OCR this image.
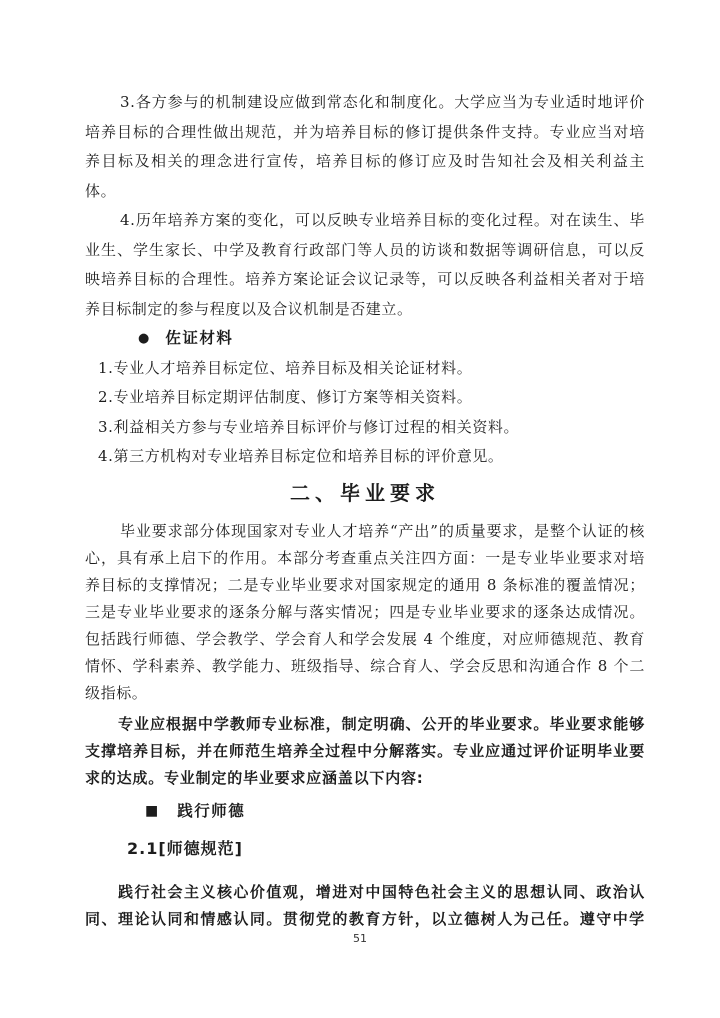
3.各方参与的机制建设应做到常态化和制度化。大学应当为专业适时地评价培养目标的合理性做出规范，并为培养目标的修订提供条件支持。专业应当对培养目标及相关的理念进行宣传，培养目标的修订应及时告知社会及相关利益主体。

4.历年培养方案的变化，可以反映专业培养目标的变化过程。对在读生、毕业生、学生家长、中学及教育行政部门等人员的访谈和数据等调研信息，可以反映培养目标的合理性。培养方案论证会议记录等，可以反映各利益相关者对于培养目标制定的参与程度以及合议机制是否建立。

● 佐证材料

1.专业人才培养目标定位、培养目标及相关论证材料。

2.专业培养目标定期评估制度、修订方案等相关资料。

3.利益相关方参与专业培养目标评价与修订过程的相关资料。

4.第三方机构对专业培养目标定位和培养目标的评价意见。

二、毕业要求

毕业要求部分体现国家对专业人才培养“产出”的质量要求，是整个认证的核心，具有承上启下的作用。本部分考查重点关注四方面：一是专业毕业要求对培养目标的支撑情况；二是专业毕业要求对国家规定的通用 8 条标准的覆盖情况；三是专业毕业要求的逐条分解与落实情况；四是专业毕业要求的逐条达成情况。包括践行师德、学会教学、学会育人和学会发展 4 个维度，对应师德规范、教育情怀、学科素养、教学能力、班级指导、综合育人、学会反思和沟通合作 8 个二级指标。

专业应根据中学教师专业标准，制定明确、公开的毕业要求。毕业要求能够支撑培养目标，并在师范生培养全过程中分解落实。专业应通过评价证明毕业要求的达成。专业制定的毕业要求应涵盖以下内容:

■ 践行师德
2.1[师德规范]

践行社会主义核心价值观，增进对中国特色社会主义的思想认同、政治认同、理论认同和情感认同。贯彻党的教育方针，以立德树人为己任。遵守中学

51
